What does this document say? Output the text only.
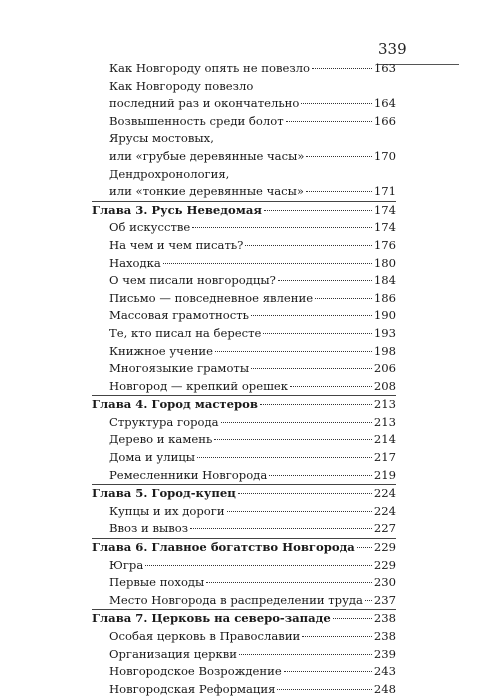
339
Как Новгороду опять не повезло	163
Как Новгороду повезло
последний раз и окончательно	164
Возвышенность среди болот	166
Ярусы мостовых,
или «грубые деревянные часы»	170
Дендрохронология,
или «тонкие деревянные часы»	171
Глава 3. Русь Неведомая	174
Об искусстве	174
На чем и чем писать?	176
Находка	180
О чем писали новгородцы?	184
Письмо — повседневное явление	186
Массовая грамотность	190
Те, кто писал на бересте	193
Книжное учение	198
Многоязыкие грамоты	206
Новгород — крепкий орешек	208
Глава 4. Город мастеров	213
Структура города	213
Дерево и камень	214
Дома и улицы	217
Ремесленники Новгорода	219
Глава 5. Город-купец	224
Купцы и их дороги	224
Ввоз и вывоз	227
Глава 6. Главное богатство Новгорода 229
Югра	229
Первые походы	230
Место Новгорода в распределении труда 237
Глава 7. Церковь на северо-западе	238
Особая церковь в Православии	238
Организация церкви	239
Новгородское Возрождение	243
Новгородская Реформация	248
